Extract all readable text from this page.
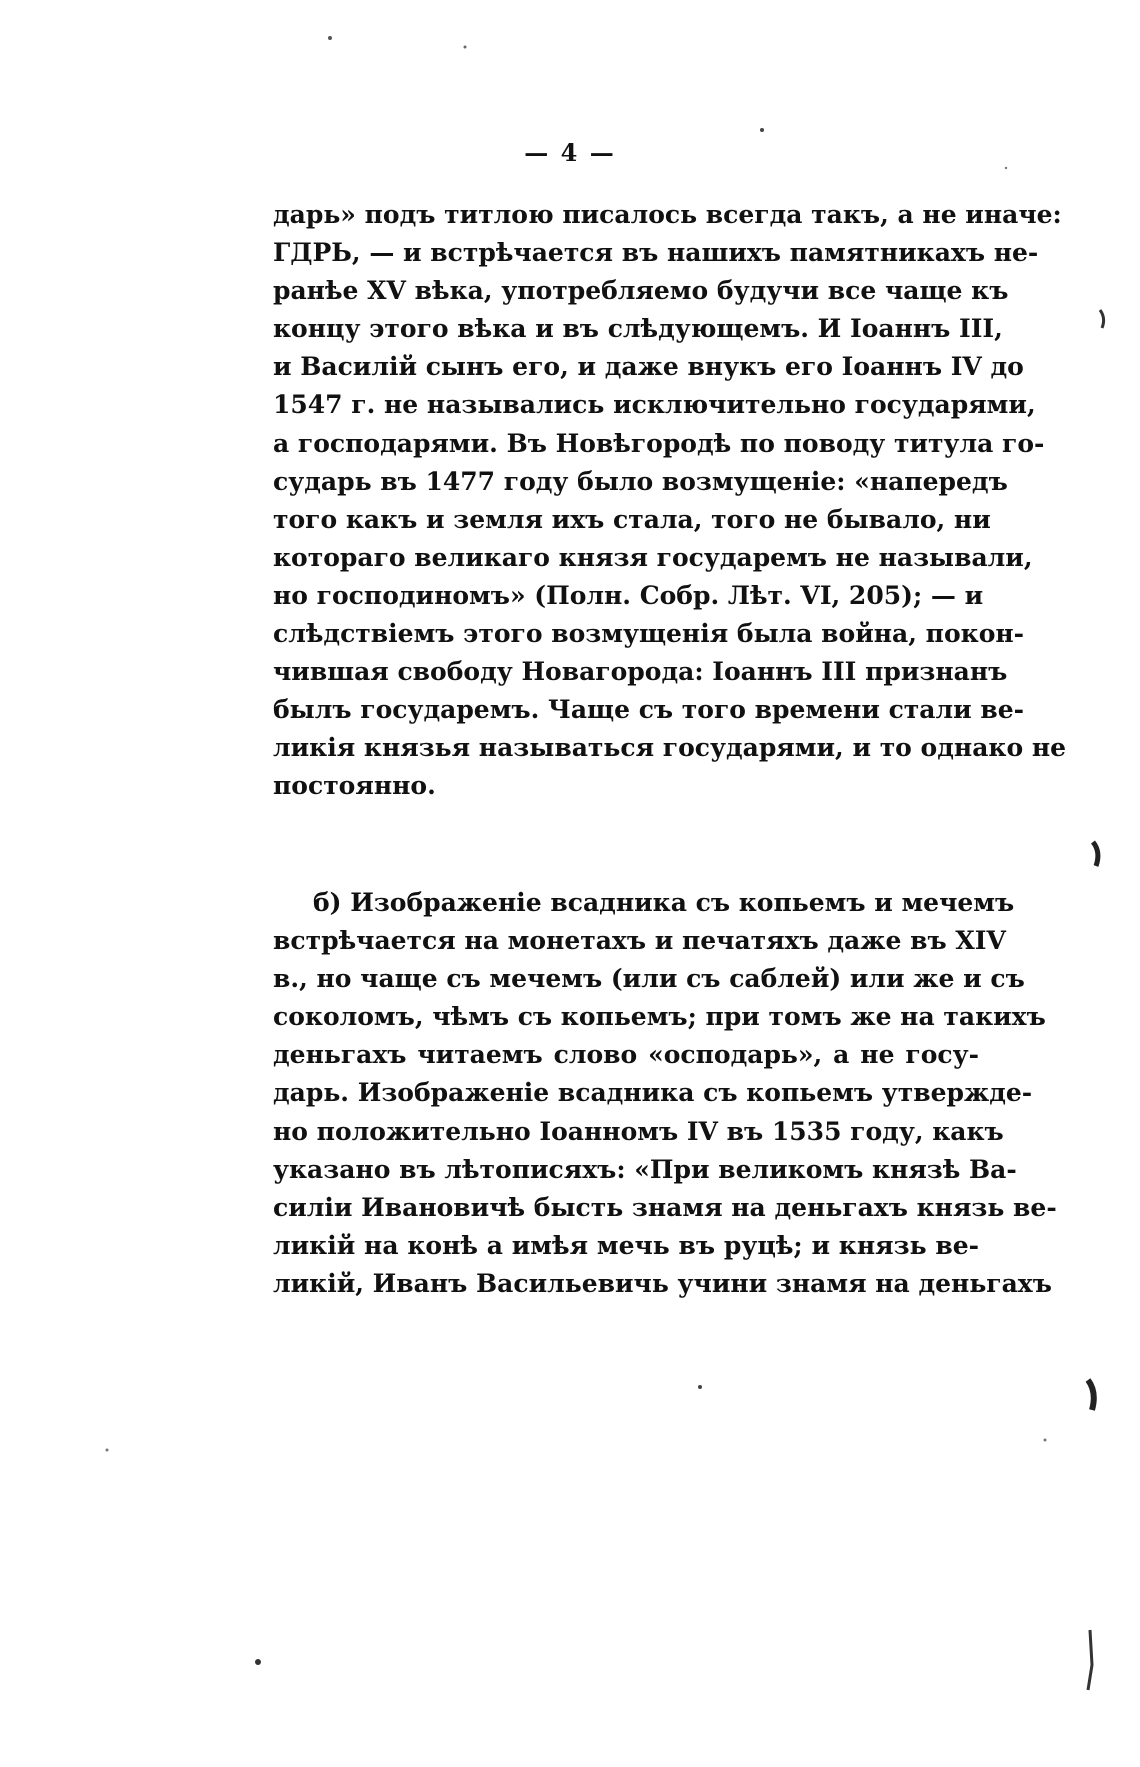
— 4 —
дарь» подъ титлою писалось всегда такъ, а не иначе:
ГДРЬ, — и встрѣчается въ нашихъ памятникахъ не-
ранѣе XV вѣка, употребляемо будучи все чаще къ
концу этого вѣка и въ слѣдующемъ. И Іоаннъ III,
и Василій сынъ его, и даже внукъ его Іоаннъ IV до
1547 г. не назывались исключительно государями,
а господарями. Въ Новѣгородѣ по поводу титула го-
сударь въ 1477 году было возмущеніе: «напередъ
того какъ и земля ихъ стала, того не бывало, ни
котораго великаго князя государемъ не называли,
но господиномъ» (Полн. Собр. Лѣт. VI, 205); — и
слѣдствіемъ этого возмущенія была война, покон-
чившая свободу Новагорода: Іоаннъ III признанъ
былъ государемъ. Чаще съ того времени стали ве-
ликія князья называться государями, и то однако не
постоянно.
б) Изображеніе всадника съ копьемъ и мечемъ
встрѣчается на монетахъ и печатяхъ даже въ XIV
в., но чаще съ мечемъ (или съ саблей) или же и съ
соколомъ, чѣмъ съ копьемъ; при томъ же на такихъ
деньгахъ читаемъ слово «осподарь», а не госу-
дарь. Изображеніе всадника съ копьемъ утвержде-
но положительно Іоанномъ IV въ 1535 году, какъ
указано въ лѣтописяхъ: «При великомъ князѣ Ва-
силіи Ивановичѣ бысть знамя на деньгахъ князь ве-
ликій на конѣ а имѣя мечь въ руцѣ; и князь ве-
ликій, Иванъ Васильевичь учини знамя на деньгахъ
